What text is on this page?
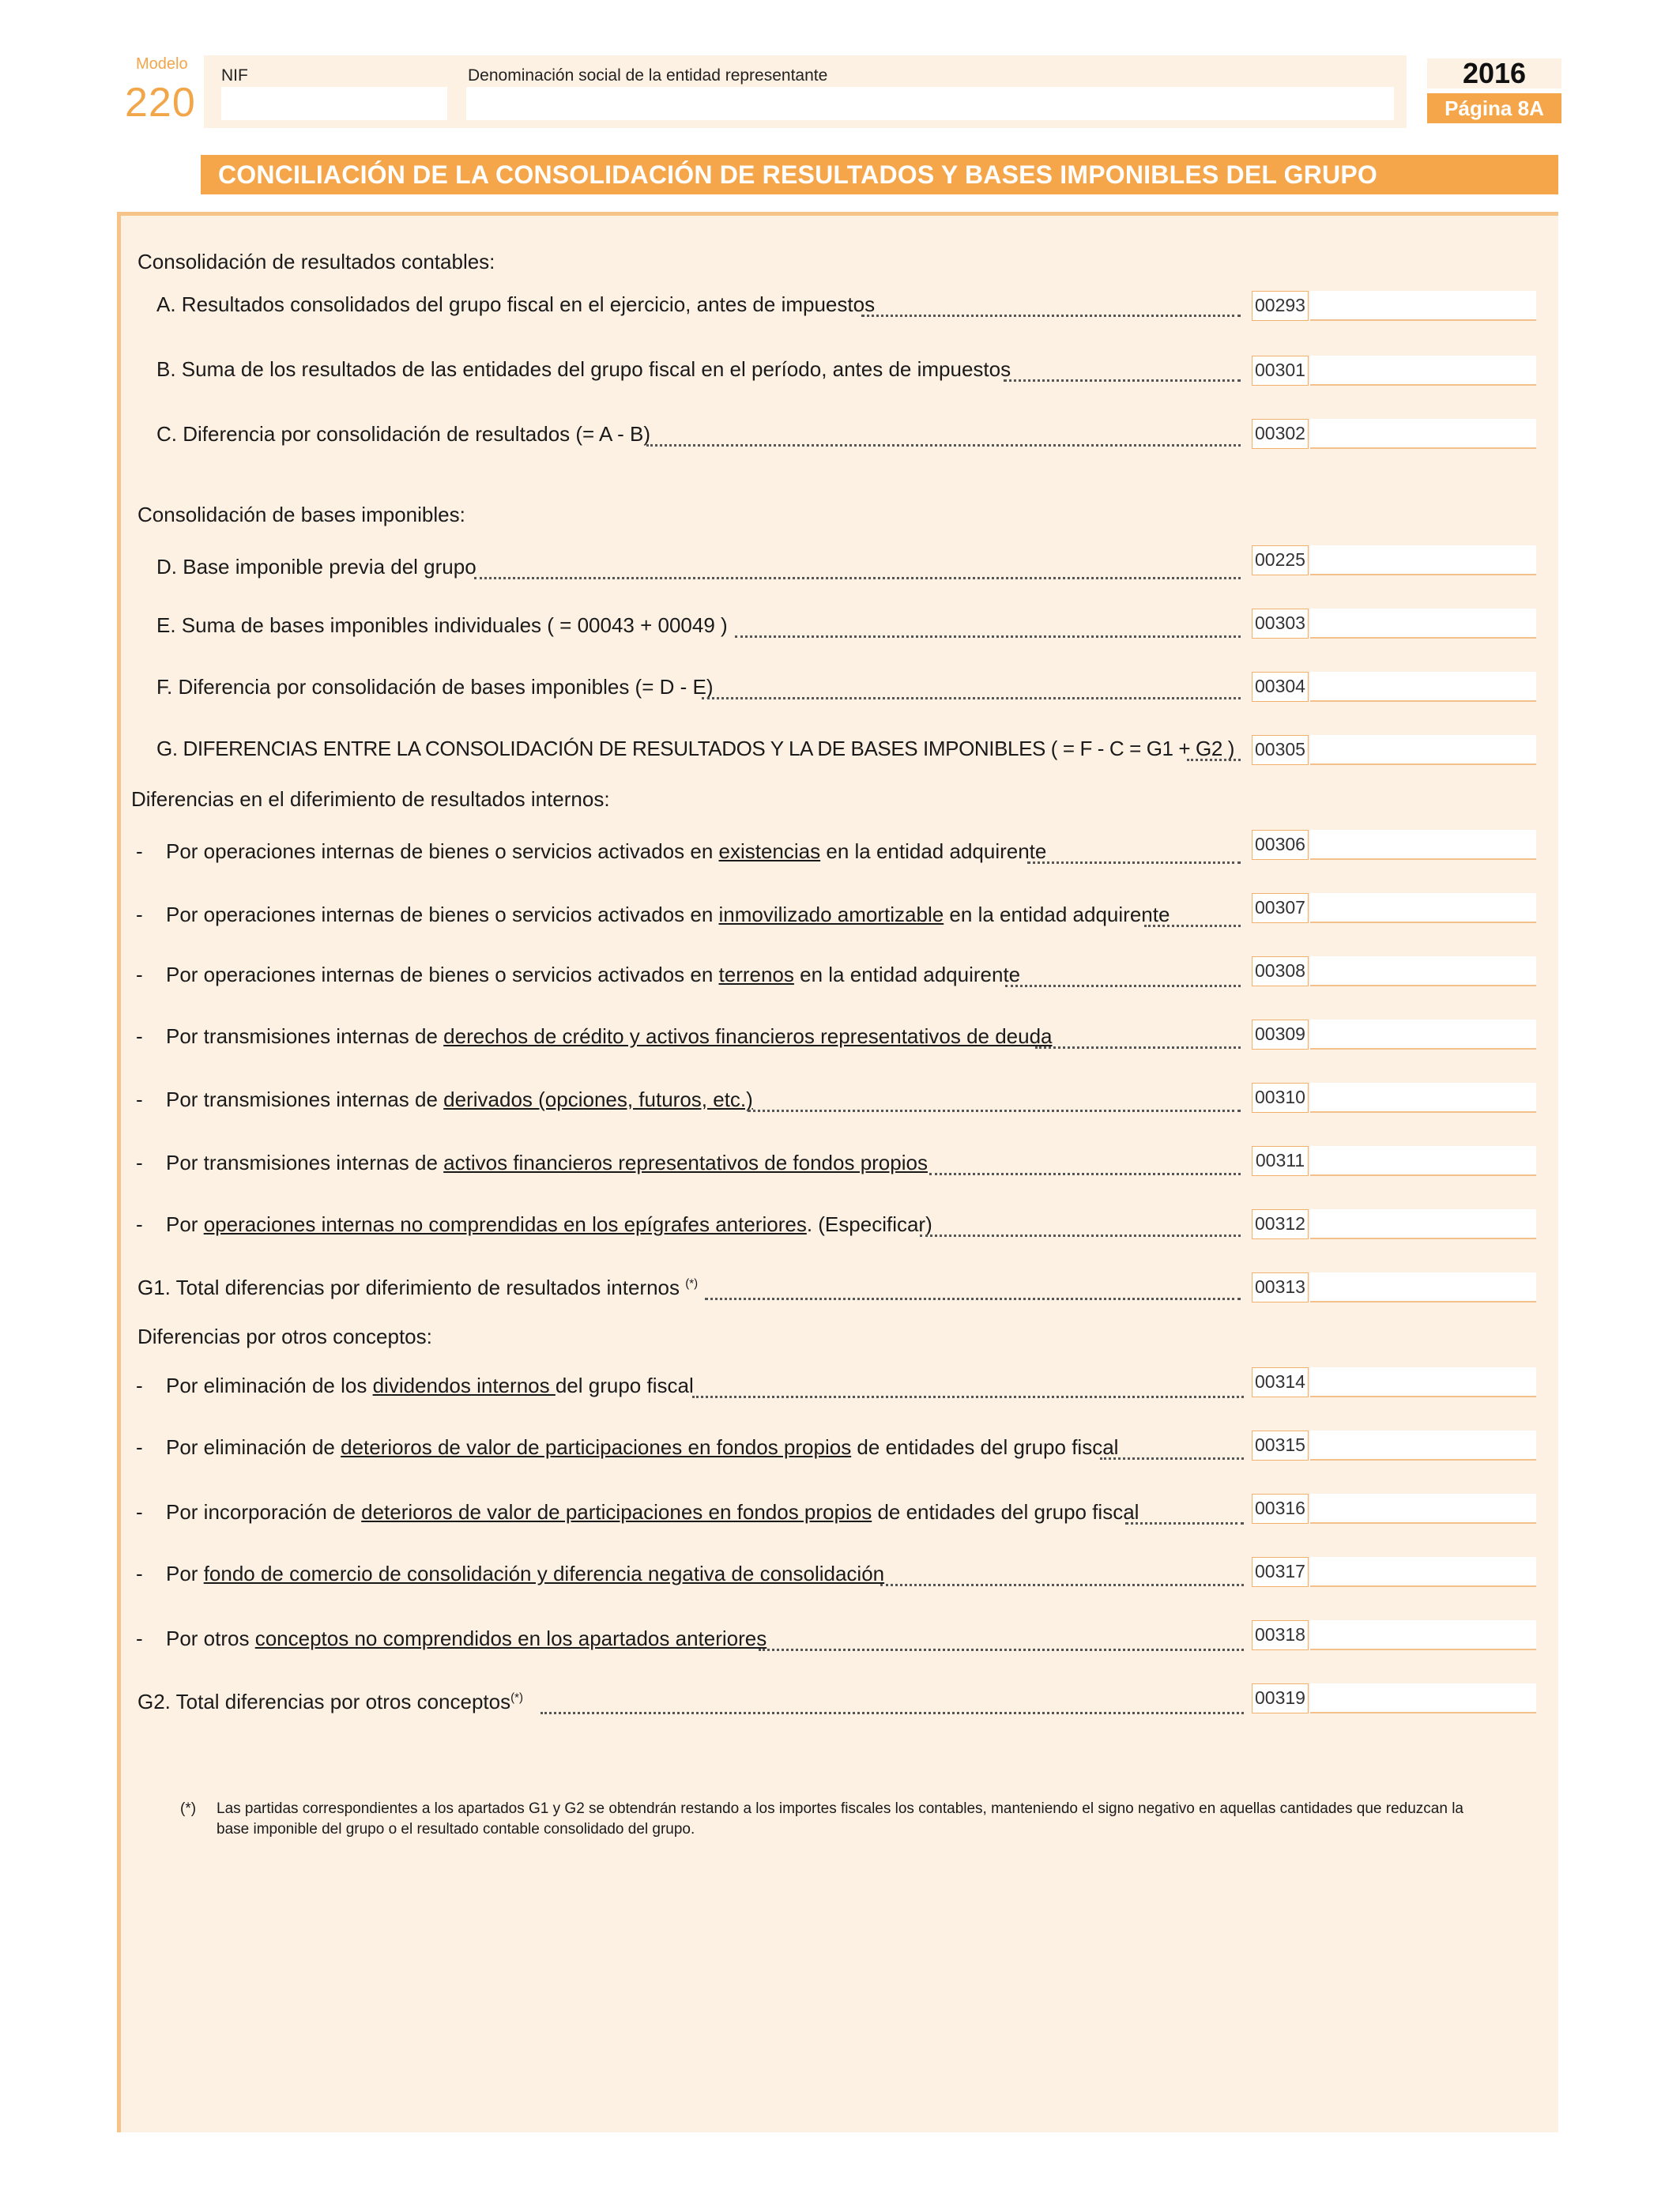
Modelo
220
NIF	Denominación social de la entidad representante	2016
Página 8A
CONCILIACIÓN DE LA CONSOLIDACIÓN DE RESULTADOS Y BASES IMPONIBLES DEL GRUPO
Consolidación de resultados contables:
Consolidación de bases imponibles:
Diferencias en el diferimiento de resultados internos:
Diferencias por otros conceptos:
A. Resultados consolidados del grupo fiscal en el ejercicio, antes de impuestos	00293
B. Suma de los resultados de las entidades del grupo fiscal en el período, antes de impuestos	00301
C. Diferencia por consolidación de resultados (= A - B)	00302
D. Base imponible previa del grupo	00225
E. Suma de bases imponibles individuales ( = 00043 + 00049 )	00303
F. Diferencia por consolidación de bases imponibles (= D - E)	00304
G. DIFERENCIAS ENTRE LA CONSOLIDACIÓN DE RESULTADOS Y LA DE BASES IMPONIBLES ( = F - C = G1 + G2 ) 00305
- Por operaciones internas de bienes o servicios activados en existencias en la entidad adquirente	00306
- Por operaciones internas de bienes o servicios activados en inmovilizado amortizable en la entidad adquirente	00307
- Por operaciones internas de bienes o servicios activados en terrenos en la entidad adquirente	00308
- Por transmisiones internas de derechos de crédito y activos financieros representativos de deuda	00309
- Por transmisiones internas de derivados (opciones, futuros, etc.)	00310
- Por transmisiones internas de activos financieros representativos de fondos propios	00311
- Por operaciones internas no comprendidas en los epígrafes anteriores. (Especificar)	00312
G1. Total diferencias por diferimiento de resultados internos (*)	00313
- Por eliminación de los dividendos internos del grupo fiscal	00314
- Por eliminación de deterioros de valor de participaciones en fondos propios de entidades del grupo fiscal	00315
- Por incorporación de deterioros de valor de participaciones en fondos propios de entidades del grupo fiscal	00316
- Por fondo de comercio de consolidación y diferencia negativa de consolidación	00317
- Por otros conceptos no comprendidos en los apartados anteriores	00318
G2. Total diferencias por otros conceptos(*)	00319
(*) Las partidas correspondientes a los apartados G1 y G2 se obtendrán restando a los importes fiscales los contables, manteniendo el signo negativo en aquellas cantidades que reduzcan la
base imponible del grupo o el resultado contable consolidado del grupo.
